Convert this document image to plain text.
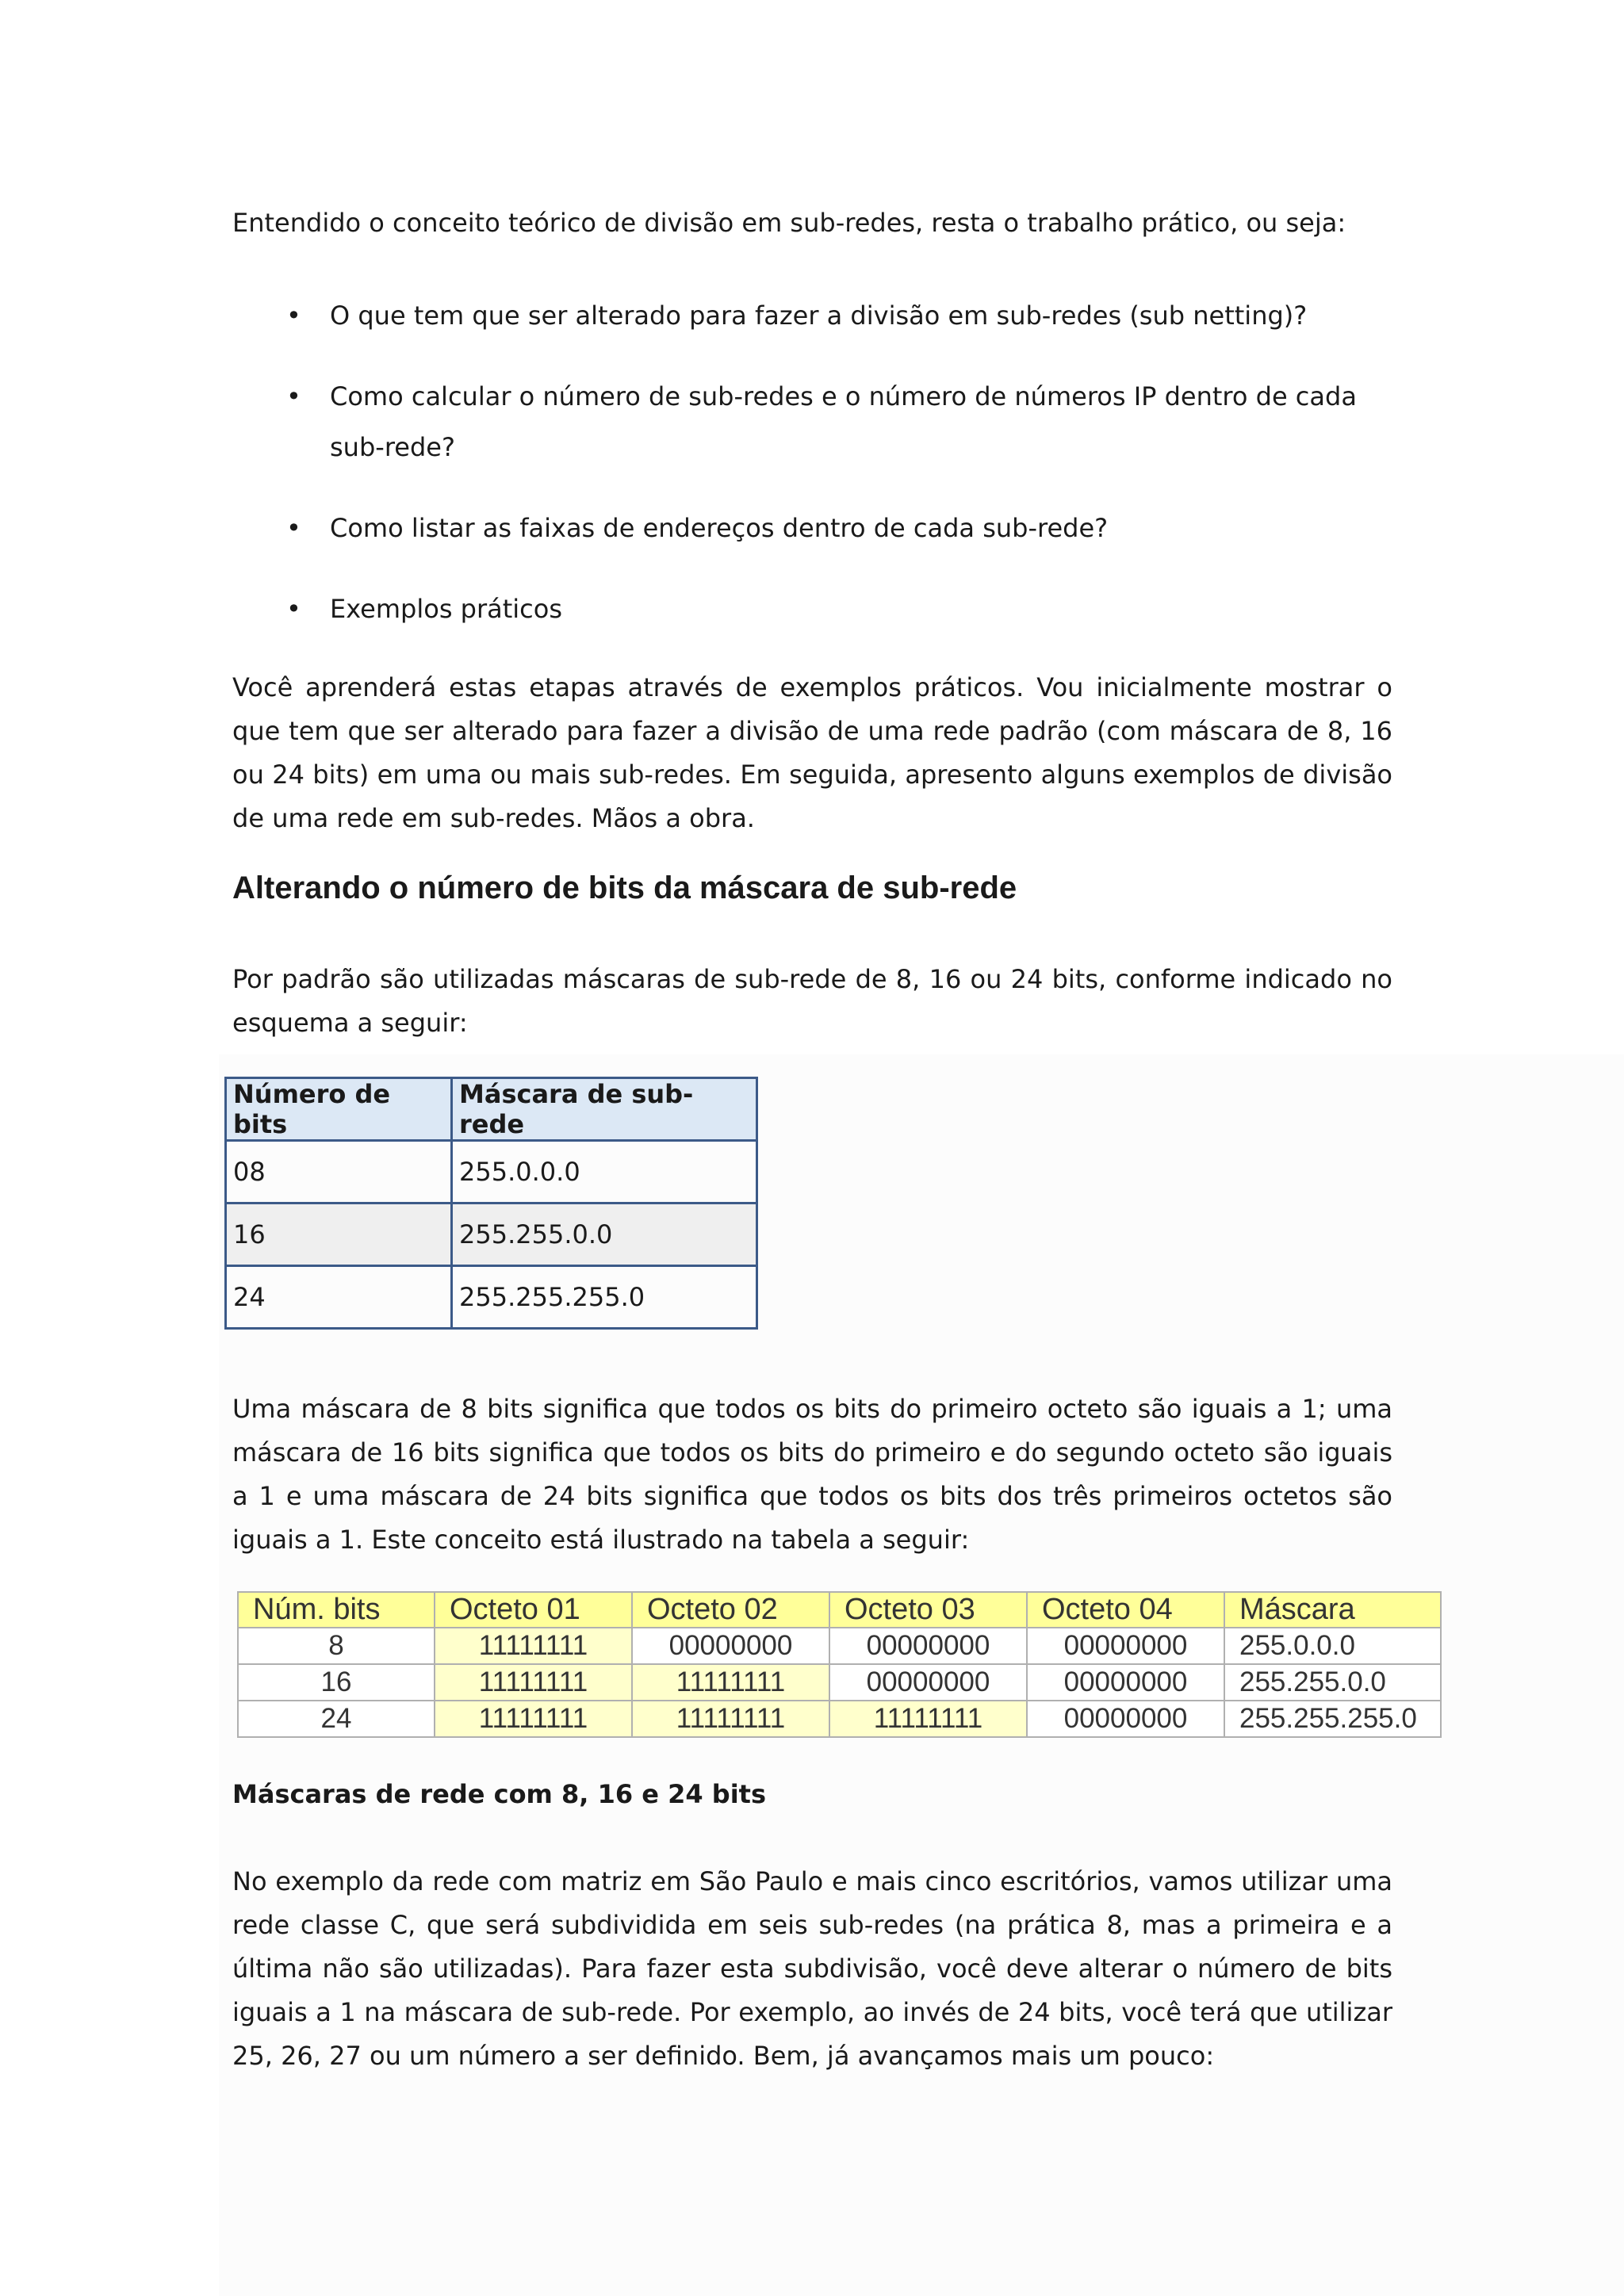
Entendido o conceito teórico de divisão em sub-redes, resta o trabalho prático, ou seja:

• O que tem que ser alterado para fazer a divisão em sub-redes (sub netting)?
• Como calcular o número de sub-redes e o número de números IP dentro de cada sub-rede?
• Como listar as faixas de endereços dentro de cada sub-rede?
• Exemplos práticos

Você aprenderá estas etapas através de exemplos práticos. Vou inicialmente mostrar o que tem que ser alterado para fazer a divisão de uma rede padrão (com máscara de 8, 16 ou 24 bits) em uma ou mais sub-redes. Em seguida, apresento alguns exemplos de divisão de uma rede em sub-redes. Mãos a obra.

Alterando o número de bits da máscara de sub-rede

Por padrão são utilizadas máscaras de sub-rede de 8, 16 ou 24 bits, conforme indicado no esquema a seguir:

Número de bits	Máscara de sub-rede
08	255.0.0.0
16	255.255.0.0
24	255.255.255.0

Uma máscara de 8 bits significa que todos os bits do primeiro octeto são iguais a 1; uma máscara de 16 bits significa que todos os bits do primeiro e do segundo octeto são iguais a 1 e uma máscara de 24 bits significa que todos os bits dos três primeiros octetos são iguais a 1. Este conceito está ilustrado na tabela a seguir:

Núm. bits	Octeto 01	Octeto 02	Octeto 03	Octeto 04	Máscara
8	11111111	00000000	00000000	00000000	255.0.0.0
16	11111111	11111111	00000000	00000000	255.255.0.0
24	11111111	11111111	11111111	00000000	255.255.255.0

Máscaras de rede com 8, 16 e 24 bits

No exemplo da rede com matriz em São Paulo e mais cinco escritórios, vamos utilizar uma rede classe C, que será subdividida em seis sub-redes (na prática 8, mas a primeira e a última não são utilizadas). Para fazer esta subdivisão, você deve alterar o número de bits iguais a 1 na máscara de sub-rede. Por exemplo, ao invés de 24 bits, você terá que utilizar 25, 26, 27 ou um número a ser definido. Bem, já avançamos mais um pouco:
